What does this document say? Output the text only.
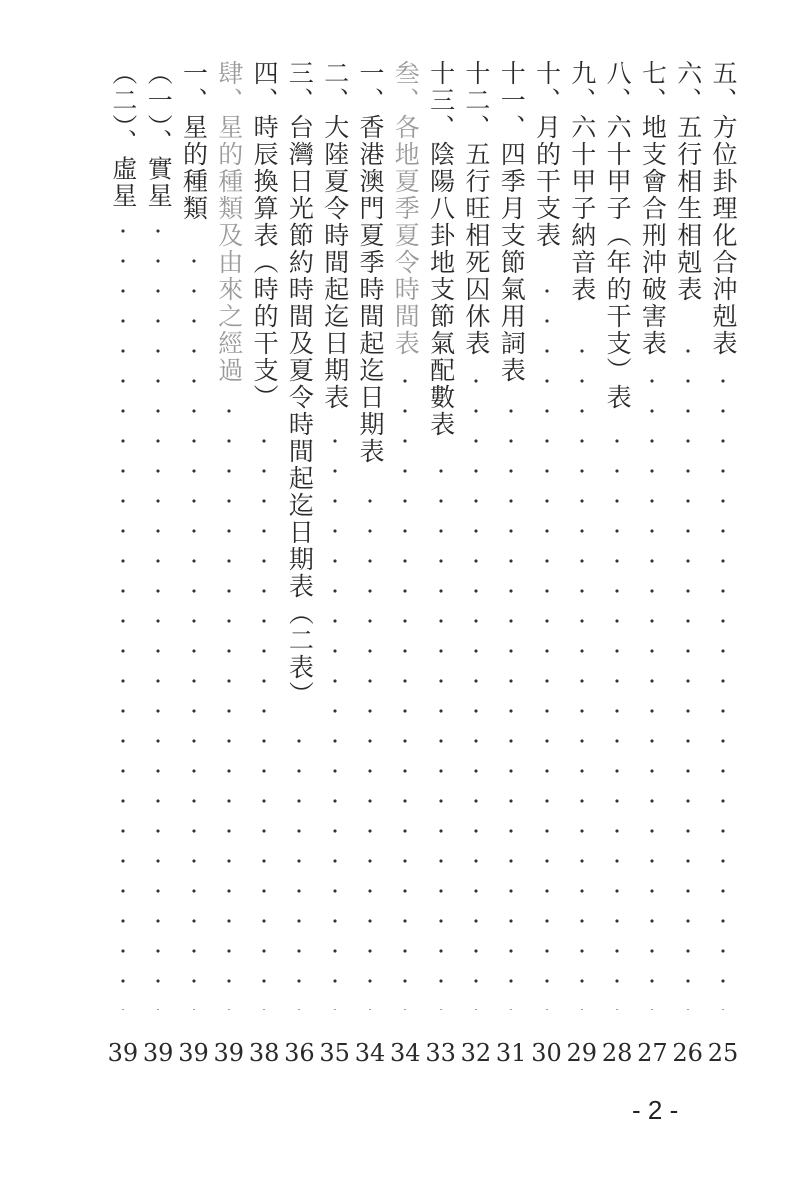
五、方位卦理化合沖剋表
25
六、五行相生相剋表
26
七、地支會合刑沖破害表
27
八、六十甲子（年的干支）表
28
九、六十甲子納音表
29
十、月的干支表
30
十一、四季月支節氣用詞表
31
十二、五行旺相死囚休表
32
十三、陰陽八卦地支節氣配數表
33
叁、各地夏季夏令時間表
34
一、香港澳門夏季時間起迄日期表
34
二、大陸夏令時間起迄日期表
35
三、台灣日光節約時間及夏令時間起迄日期表（二表）
36
四、時辰換算表（時的干支）
38
肆、星的種類及由來之經過
39
一、星的種類
39
（一）、實星
39
（二）、虛星
39
- 2 -
